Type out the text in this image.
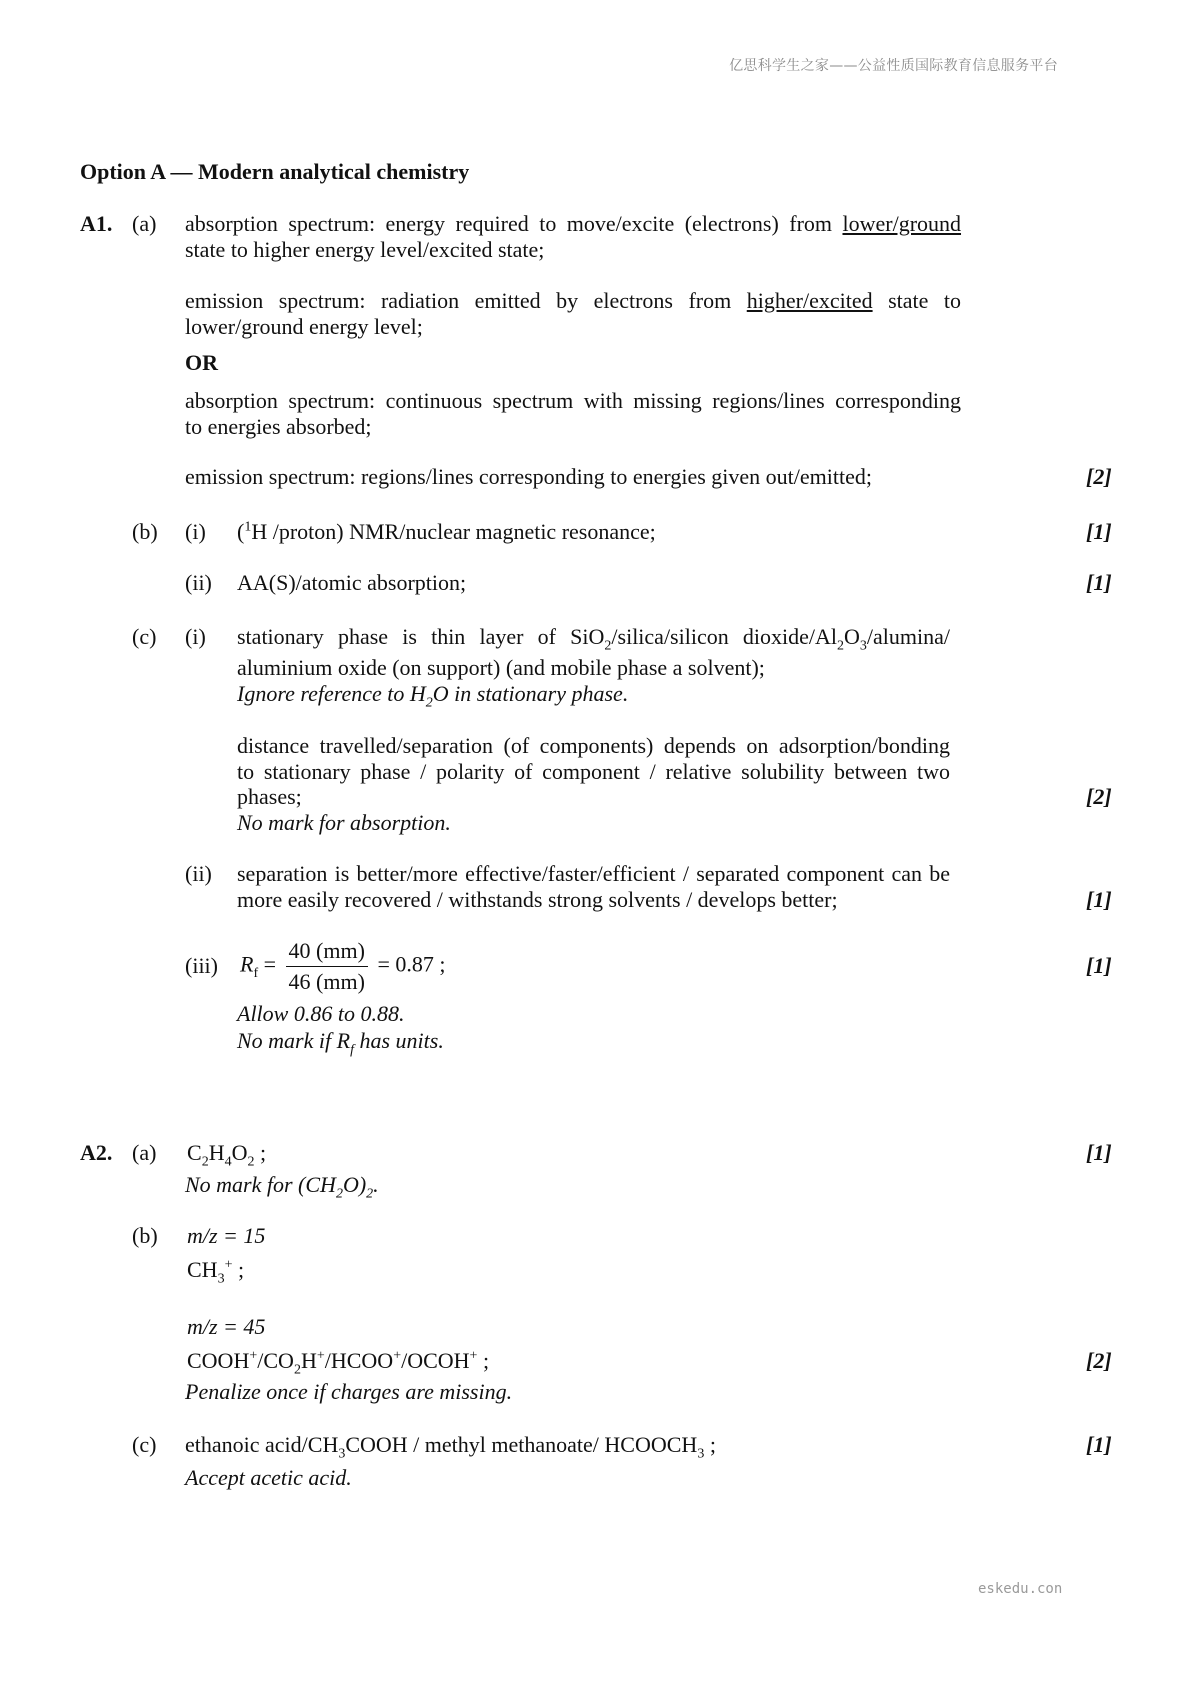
亿思科学生之家——公益性质国际教育信息服务平台
Option A — Modern analytical chemistry
A1. (a) absorption spectrum: energy required to move/excite (electrons) from lower/ground
state to higher energy level/excited state;
emission spectrum: radiation emitted by electrons from higher/excited state to
lower/ground energy level;
OR
absorption spectrum: continuous spectrum with missing regions/lines corresponding
to energies absorbed;
emission spectrum: regions/lines corresponding to energies given out/emitted;	[2]
(b) (i) ($^1$H /proton) NMR/nuclear magnetic resonance;	[1]
(ii) AA(S)/atomic absorption;	[1]
(c) (i) stationary phase is thin layer of SiO$_2$/silica/silicon dioxide/$Al_2O_3/alumina/$
aluminium oxide (on support) (and mobile phase a solvent);
Ignore reference to $H_2O$ in stationary phase.
distance travelled/separation (of components) depends on adsorption/bonding
to stationary phase / polarity of component / relative solubility between two
phases;	[2]
No mark for absorption.
(ii) separation is better/more effective/faster/efficient / separated component can be
more easily recovered / withstands strong solvents / develops better;	[1]
(iii) $R_f = \frac{40 (mm)}{46 (mm)} = 0.87$ ;	[1]
Allow 0.86 to 0.88.
No mark if $R_f$ has units.
A2. (a) $C_2H_4O_2$ ;	[1]
No mark for $(CH_2O)_2$.
(b) m/z = 15
$CH_3^+$ ;
m/z = 45
$COOH^+/CO_2H^+/HCOO^+/OCOH^+$ ;	[2]
Penalize once if charges are missing.
(c) ethanoic acid/$CH_3COOH$ / methyl methanoate/ $HCOOCH_3$ ;	[1]
Accept acetic acid.
eskedu.con
